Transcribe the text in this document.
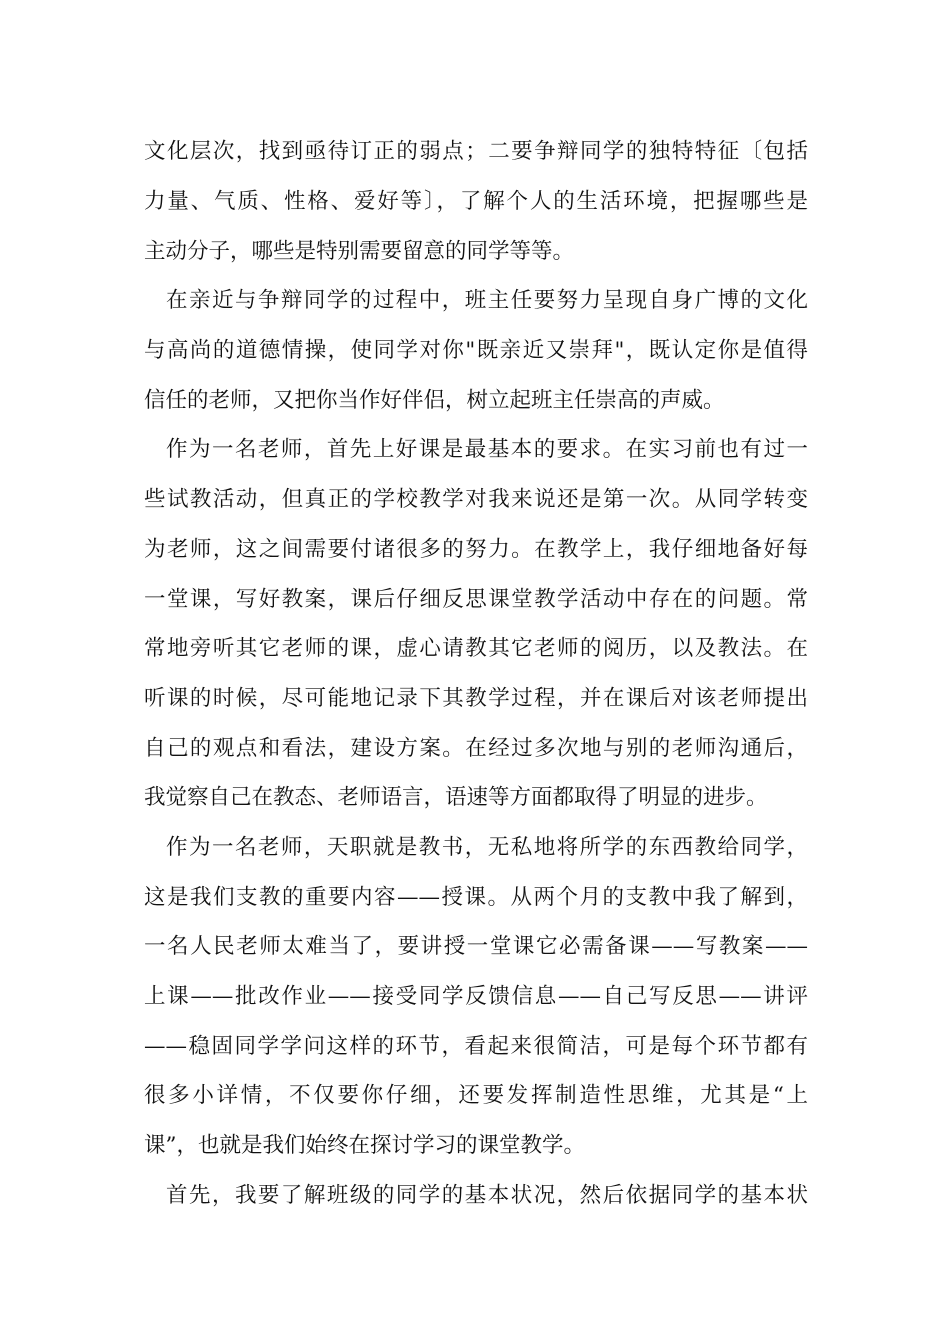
文化层次，找到亟待订正的弱点；二要争辩同学的独特特征〔包括
力量、气质、性格、爱好等〕，了解个人的生活环境，把握哪些是
主动分子，哪些是特别需要留意的同学等等。
在亲近与争辩同学的过程中，班主任要努力呈现自身广博的文化
与高尚的道德情操，使同学对你"既亲近又崇拜"，既认定你是值得
信任的老师，又把你当作好伴侣，树立起班主任崇高的声威。
作为一名老师，首先上好课是最基本的要求。在实习前也有过一
些试教活动，但真正的学校教学对我来说还是第一次。从同学转变
为老师，这之间需要付诸很多的努力。在教学上，我仔细地备好每
一堂课，写好教案，课后仔细反思课堂教学活动中存在的问题。常
常地旁听其它老师的课，虚心请教其它老师的阅历，以及教法。在
听课的时候，尽可能地记录下其教学过程，并在课后对该老师提出
自己的观点和看法，建设方案。在经过多次地与别的老师沟通后，
我觉察自己在教态、老师语言，语速等方面都取得了明显的进步。
作为一名老师，天职就是教书，无私地将所学的东西教给同学，
这是我们支教的重要内容——授课。从两个月的支教中我了解到，
一名人民老师太难当了，要讲授一堂课它必需备课——写教案——
上课——批改作业——接受同学反馈信息——自己写反思——讲评
——稳固同学学问这样的环节，看起来很简洁，可是每个环节都有
很多小详情，不仅要你仔细，还要发挥制造性思维，尤其是“上
课”，也就是我们始终在探讨学习的课堂教学。
首先，我要了解班级的同学的基本状况，然后依据同学的基本状
